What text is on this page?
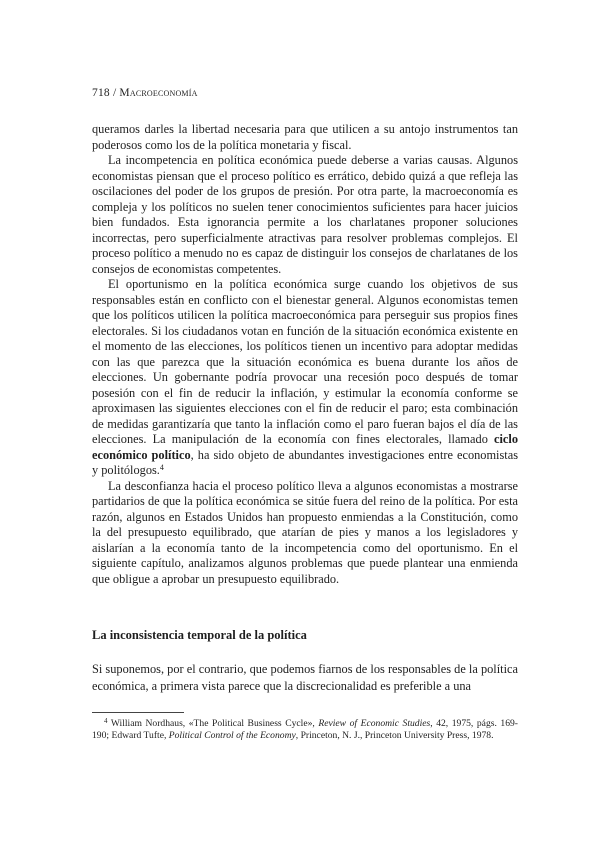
718 / Macroeconomía

queramos darles la libertad necesaria para que utilicen a su antojo instrumentos tan poderosos como los de la política monetaria y fiscal.

La incompetencia en política económica puede deberse a varias causas. Algunos economistas piensan que el proceso político es errático, debido quizá a que refleja las oscilaciones del poder de los grupos de presión. Por otra parte, la macroeconomía es compleja y los políticos no suelen tener conocimientos suficientes para hacer juicios bien fundados. Esta ignorancia permite a los charlatanes proponer soluciones incorrectas, pero superficialmente atractivas para resolver problemas complejos. El proceso político a menudo no es capaz de distinguir los consejos de charlatanes de los consejos de economistas competentes.

El oportunismo en la política económica surge cuando los objetivos de sus responsables están en conflicto con el bienestar general. Algunos economistas temen que los políticos utilicen la política macroeconómica para perseguir sus propios fines electorales. Si los ciudadanos votan en función de la situación económica existente en el momento de las elecciones, los políticos tienen un incentivo para adoptar medidas con las que parezca que la situación económica es buena durante los años de elecciones. Un gobernante podría provocar una recesión poco después de tomar posesión con el fin de reducir la inflación, y estimular la economía conforme se aproximasen las siguientes elecciones con el fin de reducir el paro; esta combinación de medidas garantizaría que tanto la inflación como el paro fueran bajos el día de las elecciones. La manipulación de la economía con fines electorales, llamado ciclo económico político, ha sido objeto de abundantes investigaciones entre economistas y politólogos.$^4$

La desconfianza hacia el proceso político lleva a algunos economistas a mostrarse partidarios de que la política económica se sitúe fuera del reino de la política. Por esta razón, algunos en Estados Unidos han propuesto enmiendas a la Constitución, como la del presupuesto equilibrado, que atarían de pies y manos a los legisladores y aislarían a la economía tanto de la incompetencia como del oportunismo. En el siguiente capítulo, analizamos algunos problemas que puede plantear una enmienda que obligue a aprobar un presupuesto equilibrado.

La inconsistencia temporal de la política

Si suponemos, por el contrario, que podemos fiarnos de los responsables de la política económica, a primera vista parece que la discrecionalidad es preferible a una

$^4$ William Nordhaus, «The Political Business Cycle», Review of Economic Studies, 42, 1975, págs. 169-190; Edward Tufte, Political Control of the Economy, Princeton, N. J., Princeton University Press, 1978.
